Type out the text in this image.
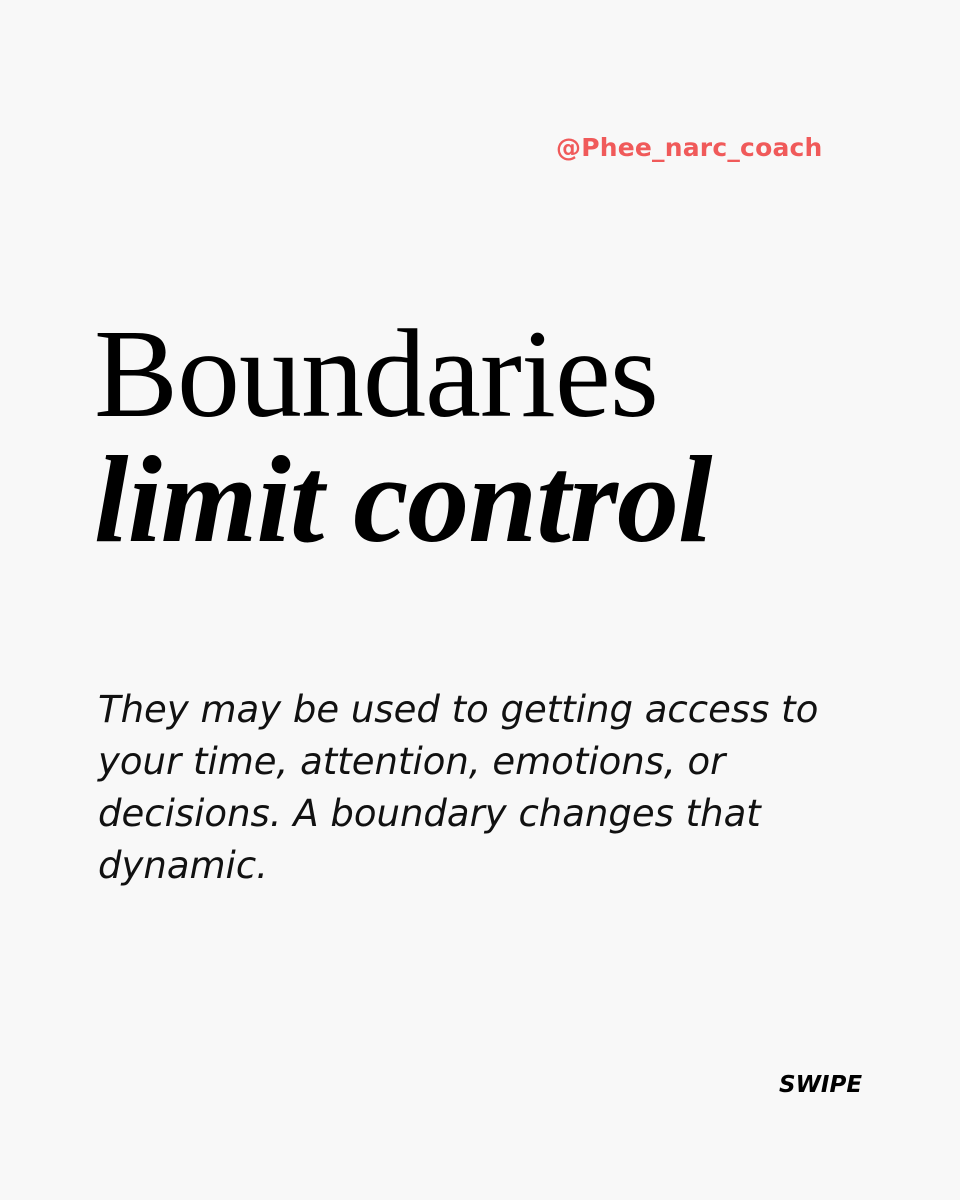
@Phee_narc_coach
Boundaries
limit control
They may be used to getting access to your time, attention, emotions, or decisions. A boundary changes that dynamic.
SWIPE
